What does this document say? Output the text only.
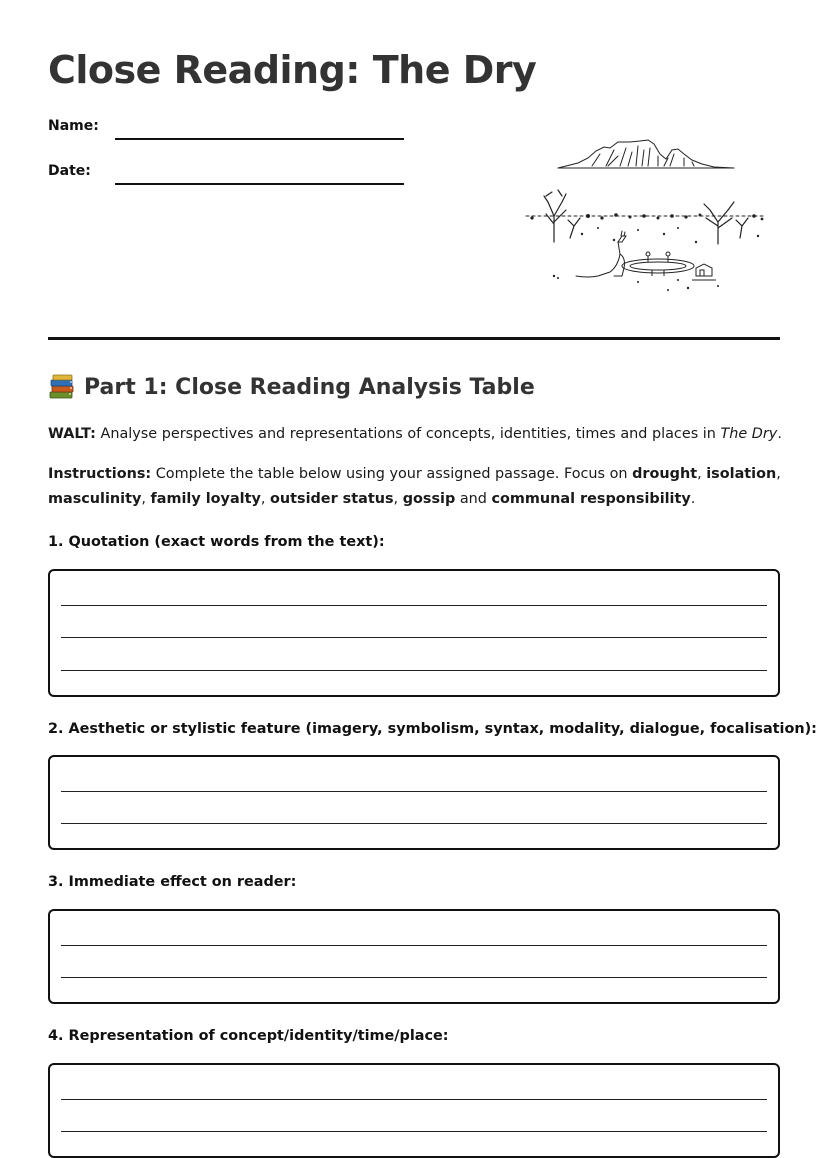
Close Reading: The Dry
Name:
Date:
Part 1: Close Reading Analysis Table

WALT: Analyse perspectives and representations of concepts, identities, times and places in The Dry.

Instructions: Complete the table below using your assigned passage. Focus on drought, isolation, masculinity, family loyalty, outsider status, gossip and communal responsibility.

1. Quotation (exact words from the text):

2. Aesthetic or stylistic feature (imagery, symbolism, syntax, modality, dialogue, focalisation):

3. Immediate effect on reader:

4. Representation of concept/identity/time/place:
